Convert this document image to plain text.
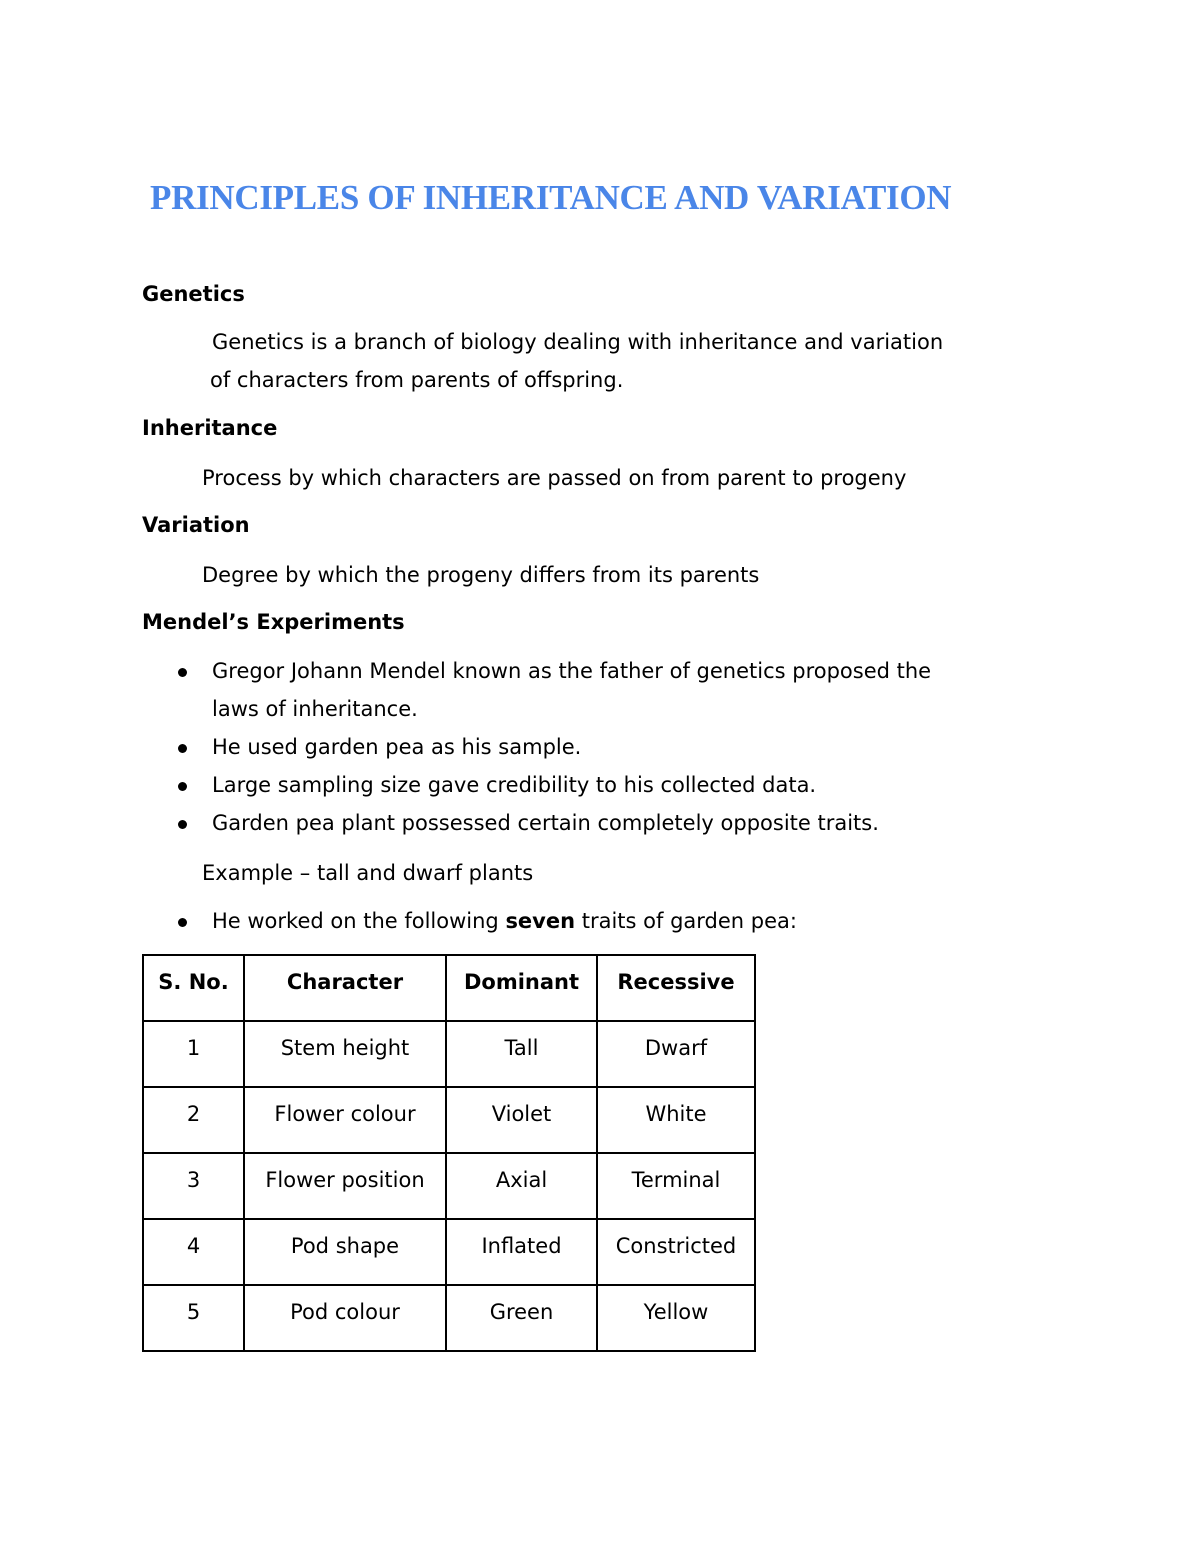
PRINCIPLES OF INHERITANCE AND VARIATION
Genetics

Genetics is a branch of biology dealing with inheritance and variation

of characters from parents of offspring.

Inheritance

Process by which characters are passed on from parent to progeny

Variation

Degree by which the progeny differs from its parents

Mendel’s Experiments
Gregor Johann Mendel known as the father of genetics proposed the
laws of inheritance.
He used garden pea as his sample.
Large sampling size gave credibility to his collected data.
Garden pea plant possessed certain completely opposite traits.

Example – tall and dwarf plants

He worked on the following seven traits of garden pea:
S. No.	Character	Dominant	Recessive
1	Stem height	Tall	Dwarf
2	Flower colour	Violet	White
3	Flower position	Axial	Terminal
4	Pod shape	Inflated	Constricted
5	Pod colour	Green	Yellow
